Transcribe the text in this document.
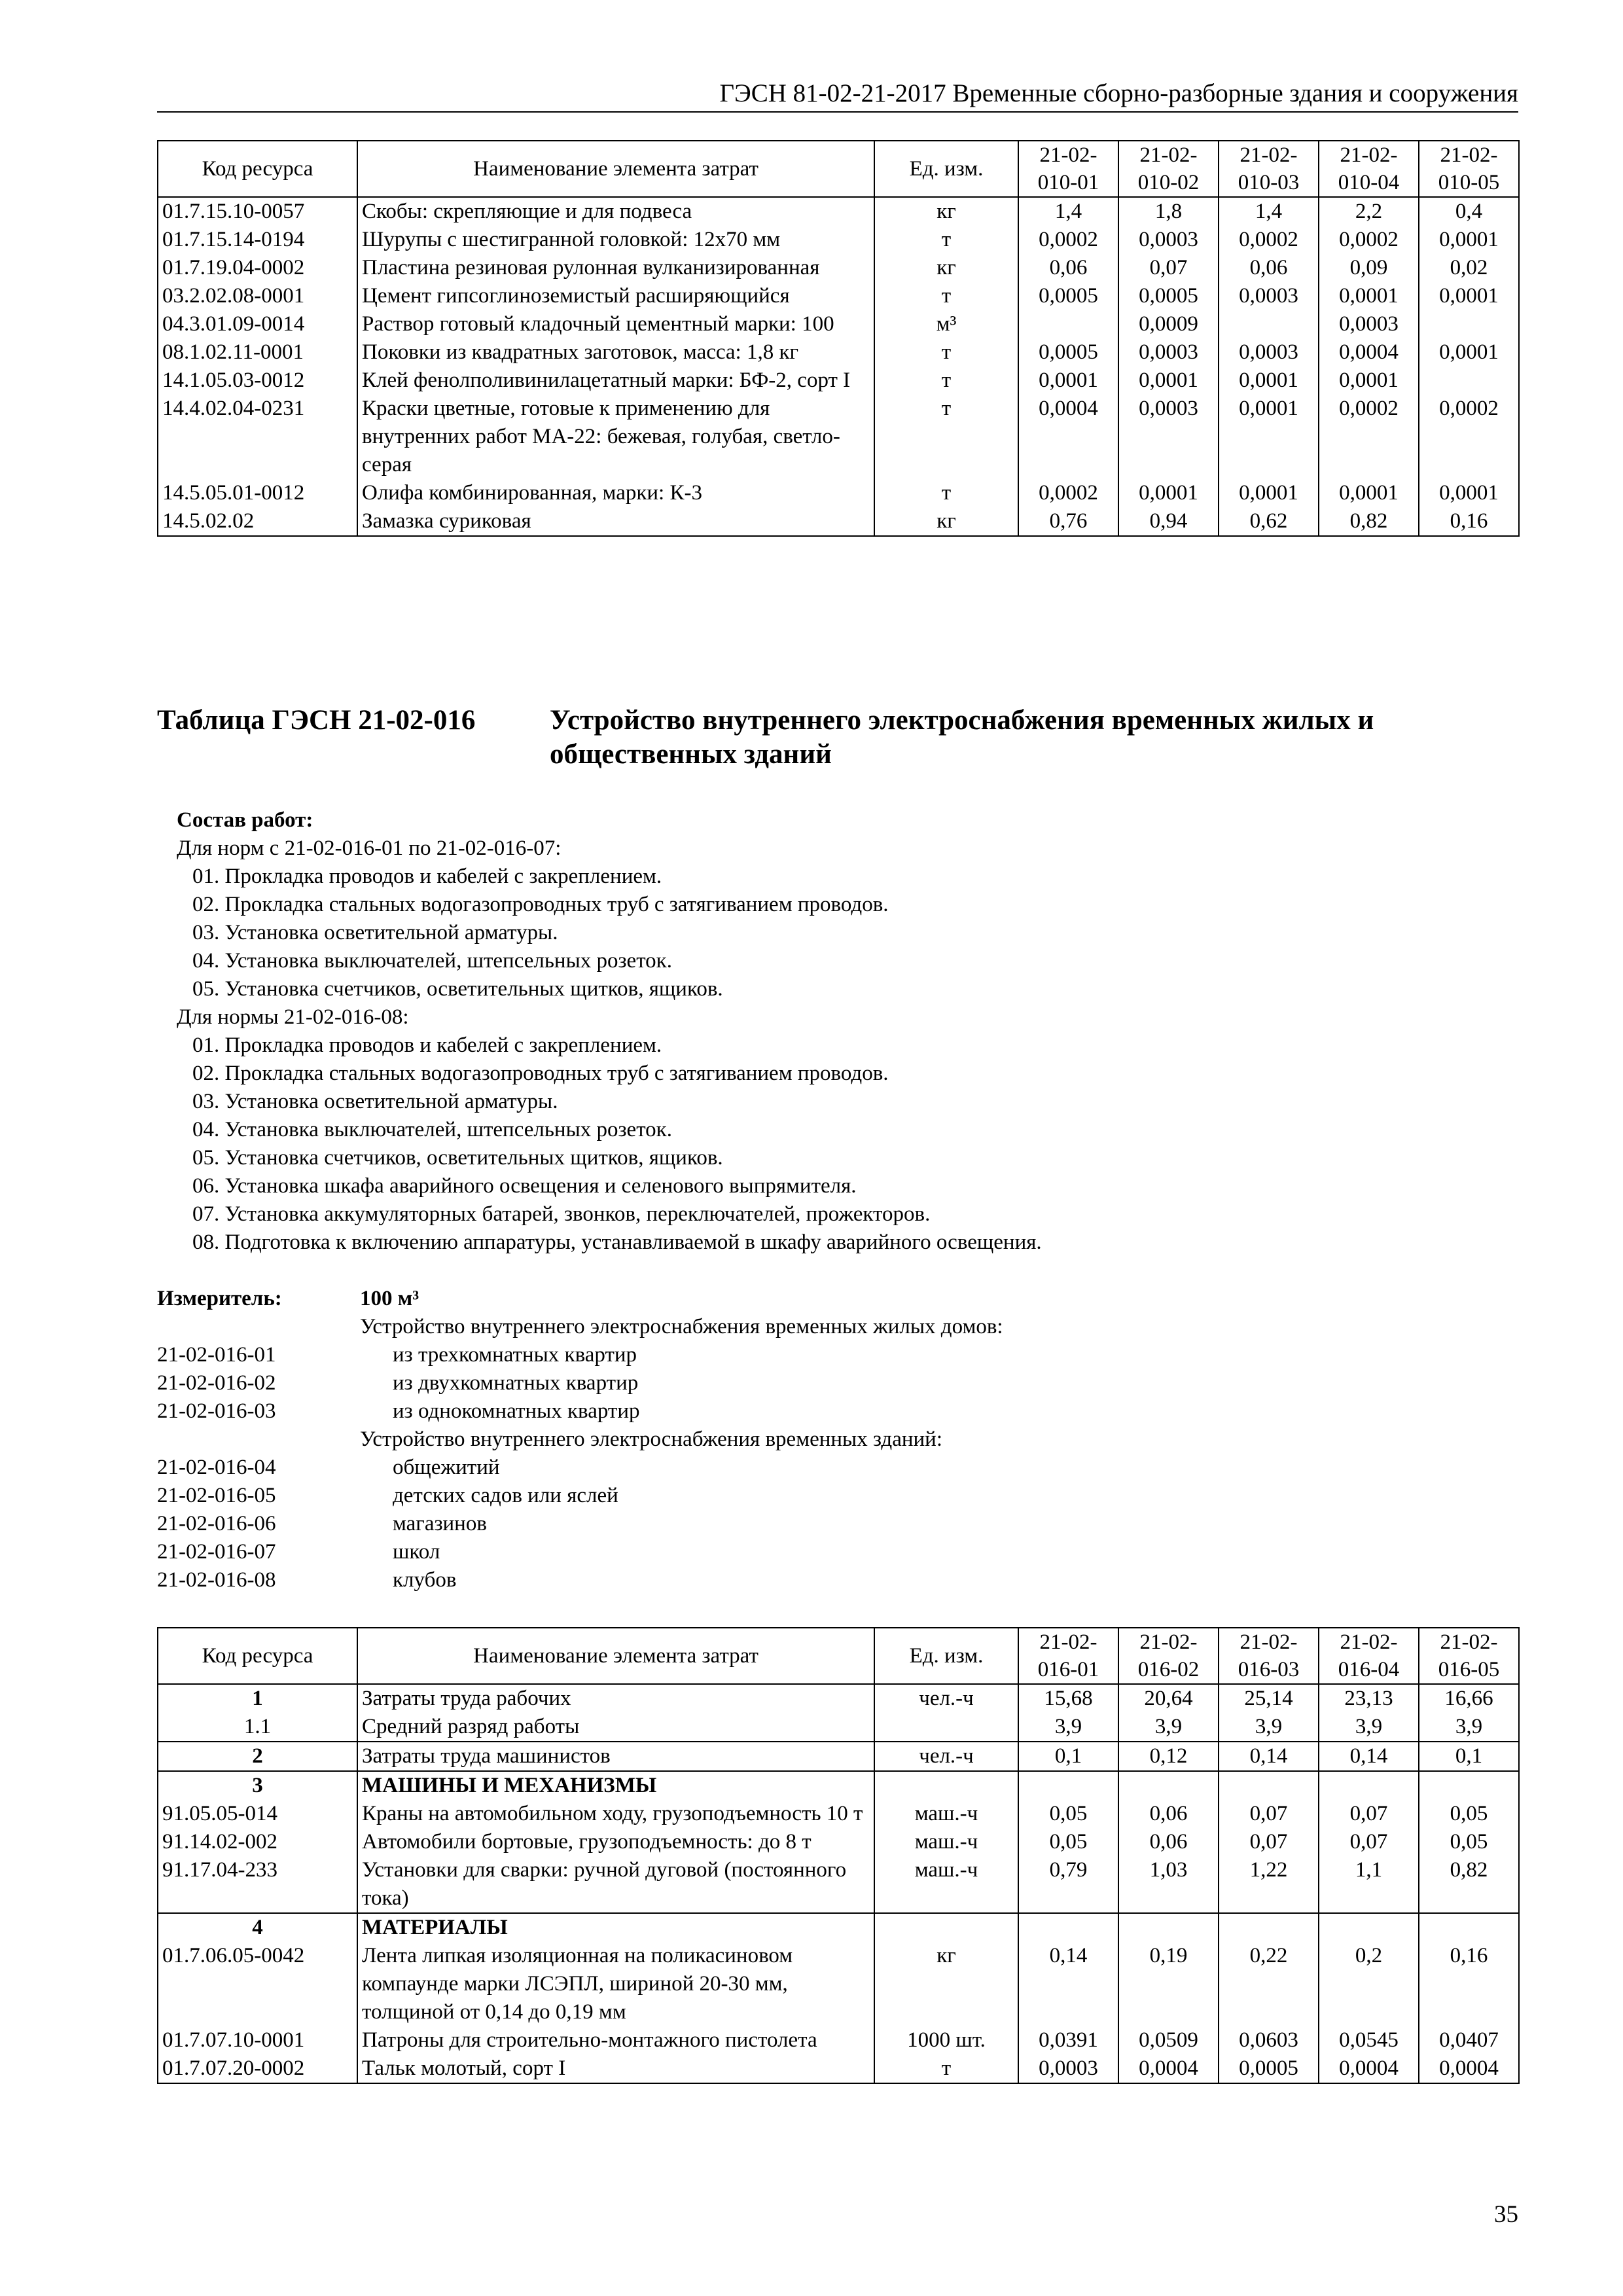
ГЭСН 81-02-21-2017 Временные сборно-разборные здания и сооружения
Код ресурса	Наименование элемента затрат	Ед. изм.	21-02-010-01	21-02-010-02	21-02-010-03	21-02-010-04	21-02-010-05
01.7.15.10-0057	Скобы: скрепляющие и для подвеса	кг	1,4	1,8	1,4	2,2	0,4
01.7.15.14-0194	Шурупы с шестигранной головкой: 12х70 мм	т	0,0002	0,0003	0,0002	0,0002	0,0001
01.7.19.04-0002	Пластина резиновая рулонная вулканизированная	кг	0,06	0,07	0,06	0,09	0,02
03.2.02.08-0001	Цемент гипсоглиноземистый расширяющийся	т	0,0005	0,0005	0,0003	0,0001	0,0001
04.3.01.09-0014	Раствор готовый кладочный цементный марки: 100	м³		0,0009		0,0003	
08.1.02.11-0001	Поковки из квадратных заготовок, масса: 1,8 кг	т	0,0005	0,0003	0,0003	0,0004	0,0001
14.1.05.03-0012	Клей фенолполивинилацетатный марки: БФ-2, сорт I	т	0,0001	0,0001	0,0001	0,0001	
14.4.02.04-0231	Краски цветные, готовые к применению для внутренних работ МА-22: бежевая, голубая, светло-серая	т	0,0004	0,0003	0,0001	0,0002	0,0002
14.5.05.01-0012	Олифа комбинированная, марки: К-3	т	0,0002	0,0001	0,0001	0,0001	0,0001
14.5.02.02	Замазка суриковая	кг	0,76	0,94	0,62	0,82	0,16
Таблица ГЭСН 21-02-016	Устройство внутреннего электроснабжения временных жилых и общественных зданий
Состав работ:
Для норм с 21-02-016-01 по 21-02-016-07:
01. Прокладка проводов и кабелей с закреплением.
02. Прокладка стальных водогазопроводных труб с затягиванием проводов.
03. Установка осветительной арматуры.
04. Установка выключателей, штепсельных розеток.
05. Установка счетчиков, осветительных щитков, ящиков.
Для нормы 21-02-016-08:
01. Прокладка проводов и кабелей с закреплением.
02. Прокладка стальных водогазопроводных труб с затягиванием проводов.
03. Установка осветительной арматуры.
04. Установка выключателей, штепсельных розеток.
05. Установка счетчиков, осветительных щитков, ящиков.
06. Установка шкафа аварийного освещения и селенового выпрямителя.
07. Установка аккумуляторных батарей, звонков, переключателей, прожекторов.
08. Подготовка к включению аппаратуры, устанавливаемой в шкафу аварийного освещения.
Измеритель:	100 м³
Устройство внутреннего электроснабжения временных жилых домов:
21-02-016-01	из трехкомнатных квартир
21-02-016-02	из двухкомнатных квартир
21-02-016-03	из однокомнатных квартир
Устройство внутреннего электроснабжения временных зданий:
21-02-016-04	общежитий
21-02-016-05	детских садов или яслей
21-02-016-06	магазинов
21-02-016-07	школ
21-02-016-08	клубов
Код ресурса	Наименование элемента затрат	Ед. изм.	21-02-016-01	21-02-016-02	21-02-016-03	21-02-016-04	21-02-016-05
1	Затраты труда рабочих	чел.-ч	15,68	20,64	25,14	23,13	16,66
1.1	Средний разряд работы		3,9	3,9	3,9	3,9	3,9
2	Затраты труда машинистов	чел.-ч	0,1	0,12	0,14	0,14	0,1
3	МАШИНЫ И МЕХАНИЗМЫ						
91.05.05-014	Краны на автомобильном ходу, грузоподъемность 10 т	маш.-ч	0,05	0,06	0,07	0,07	0,05
91.14.02-002	Автомобили бортовые, грузоподъемность: до 8 т	маш.-ч	0,05	0,06	0,07	0,07	0,05
91.17.04-233	Установки для сварки: ручной дуговой (постоянного тока)	маш.-ч	0,79	1,03	1,22	1,1	0,82
4	МАТЕРИАЛЫ						
01.7.06.05-0042	Лента липкая изоляционная на поликасиновом компаунде марки ЛСЭПЛ, шириной 20-30 мм, толщиной от 0,14 до 0,19 мм	кг	0,14	0,19	0,22	0,2	0,16
01.7.07.10-0001	Патроны для строительно-монтажного пистолета	1000 шт.	0,0391	0,0509	0,0603	0,0545	0,0407
01.7.07.20-0002	Тальк молотый, сорт I	т	0,0003	0,0004	0,0005	0,0004	0,0004
35
